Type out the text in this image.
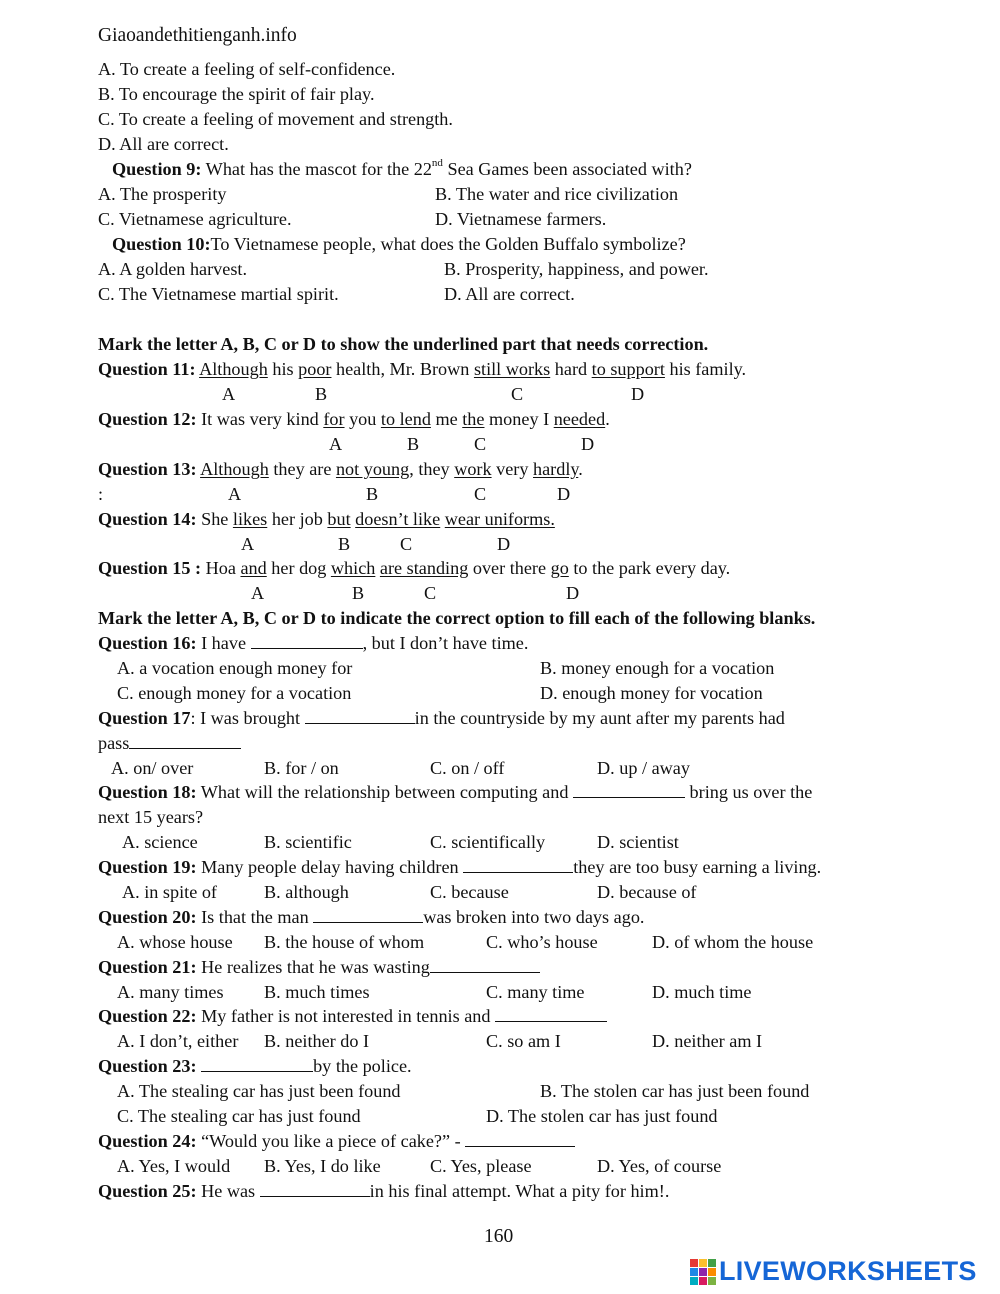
Giaoandethitienganh.info
A. To create a feeling of self-confidence.
B. To encourage the spirit of fair play.
C. To create a feeling of movement and strength.
D. All are correct.
Question 9: What has the mascot for the 22nd Sea Games been associated with?
A. The prosperity	B. The water and rice civilization
C. Vietnamese agriculture.	D. Vietnamese farmers.
Question 10:To Vietnamese people, what does the Golden Buffalo symbolize?
A. A golden harvest.	B. Prosperity, happiness, and power.
C. The Vietnamese martial spirit.	D. All are correct.
Mark the letter A, B, C or D to show the underlined part that needs correction.
Question 11: Although his poor health, Mr. Brown still works hard to support his family.
A	B	C	D
Question 12: It was very kind for you to lend me the money I needed.
A	B	C	D
Question 13: Although they are not young, they work very hardly.
:	A	B	C	D
Question 14: She likes her job but doesn’t like wear uniforms.
A	B	C	D
Question 15 : Hoa and her dog which are standing over there go to the park every day.
A	B	C	D
Mark the letter A, B, C or D to indicate the correct option to fill each of the following blanks.
Question 16: I have	, but I don’t have time.
A. a vocation enough money for	B. money enough for a vocation
C. enough money for a vocation	D. enough money for vocation
Question 17: I was brought	in the countryside by my aunt after my parents had
pass
A. on/ over	B. for / on	C. on / off	D. up / away
Question 18: What will the relationship between computing and	bring us over the
next 15 years?
A. science	B. scientific	C. scientifically	D. scientist
Question 19: Many people delay having children	they are too busy earning a living.
A. in spite of	B. although	C. because	D. because of
Question 20: Is that the man	was broken into two days ago.
A. whose house B. the house of whom	C. who’s house	D. of whom the house
Question 21: He realizes that he was wasting
A. many times B. much times	C. many time	D. much time
Question 22: My father is not interested in tennis and
A. I don’t, either B. neither do I	C. so am I	D. neither am I
Question 23:	by the police.
A. The stealing car has just been found	B. The stolen car has just been found
C. The stealing car has just found	D. The stolen car has just found
Question 24: “Would you like a piece of cake?” -
A. Yes, I would B. Yes, I do like	C. Yes, please	D. Yes, of course
Question 25: He was	in his final attempt. What a pity for him!.
160
LIVEWORKSHEETS
